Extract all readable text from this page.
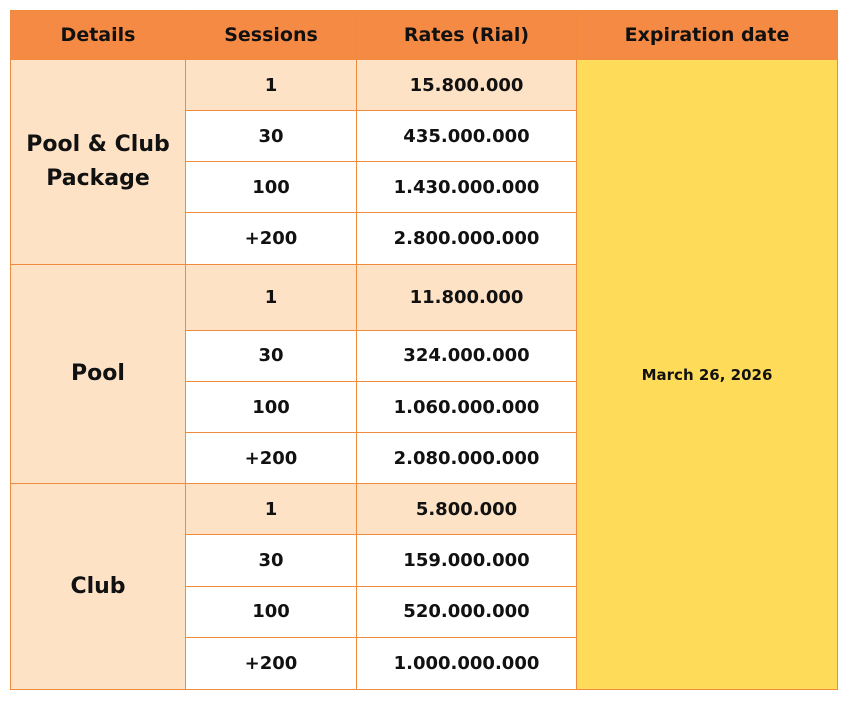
Details	Sessions	Rates (Rial)	Expiration date
Pool & Club
Package	1	15.800.000	March 26, 2026
	30	435.000.000	
	100	1.430.000.000	
	+200	2.800.000.000	
Pool	1	11.800.000	
	30	324.000.000	
	100	1.060.000.000	
	+200	2.080.000.000	
Club	1	5.800.000	
	30	159.000.000	
	100	520.000.000	
	+200	1.000.000.000	
